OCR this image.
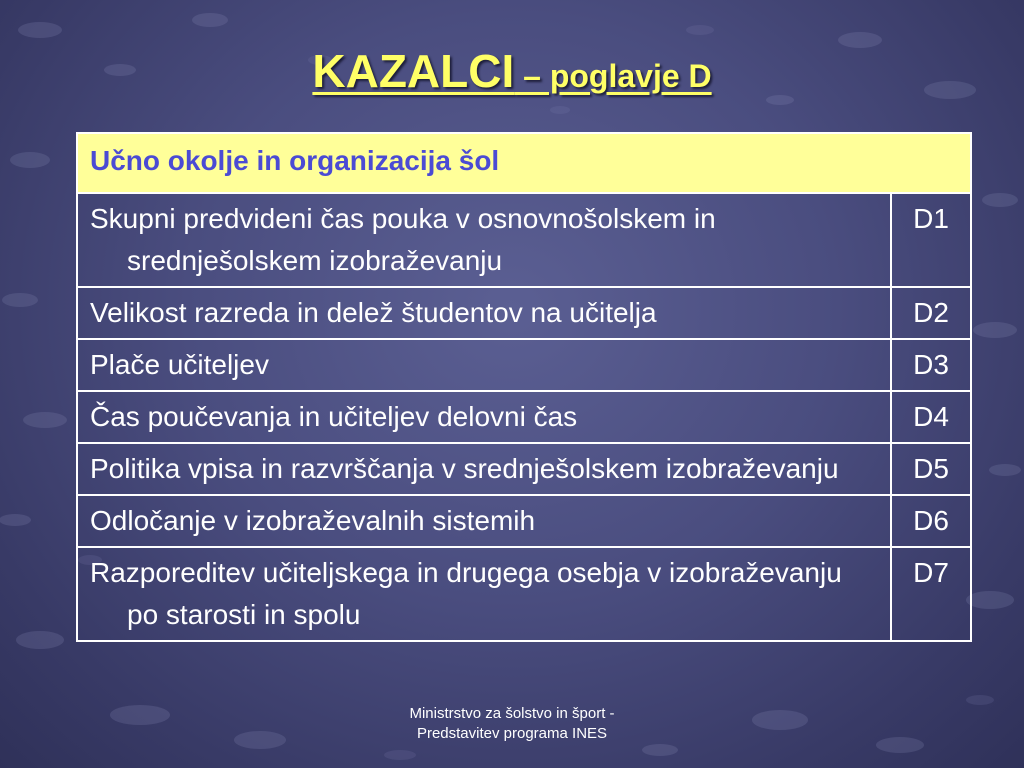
KAZALCI – poglavje D
Učno okolje in organizacija šol	
Skupni predvideni čas pouka v osnovnošolskem in srednješolskem izobraževanju	D1
Velikost razreda in delež študentov na učitelja	D2
Plače učiteljev	D3
Čas poučevanja in učiteljev delovni čas	D4
Politika vpisa in razvrščanja v srednješolskem izobraževanju	D5
Odločanje v izobraževalnih sistemih	D6
Razporeditev učiteljskega in drugega osebja v izobraževanju po starosti in spolu	D7
Ministrstvo za šolstvo in šport -
Predstavitev programa INES
